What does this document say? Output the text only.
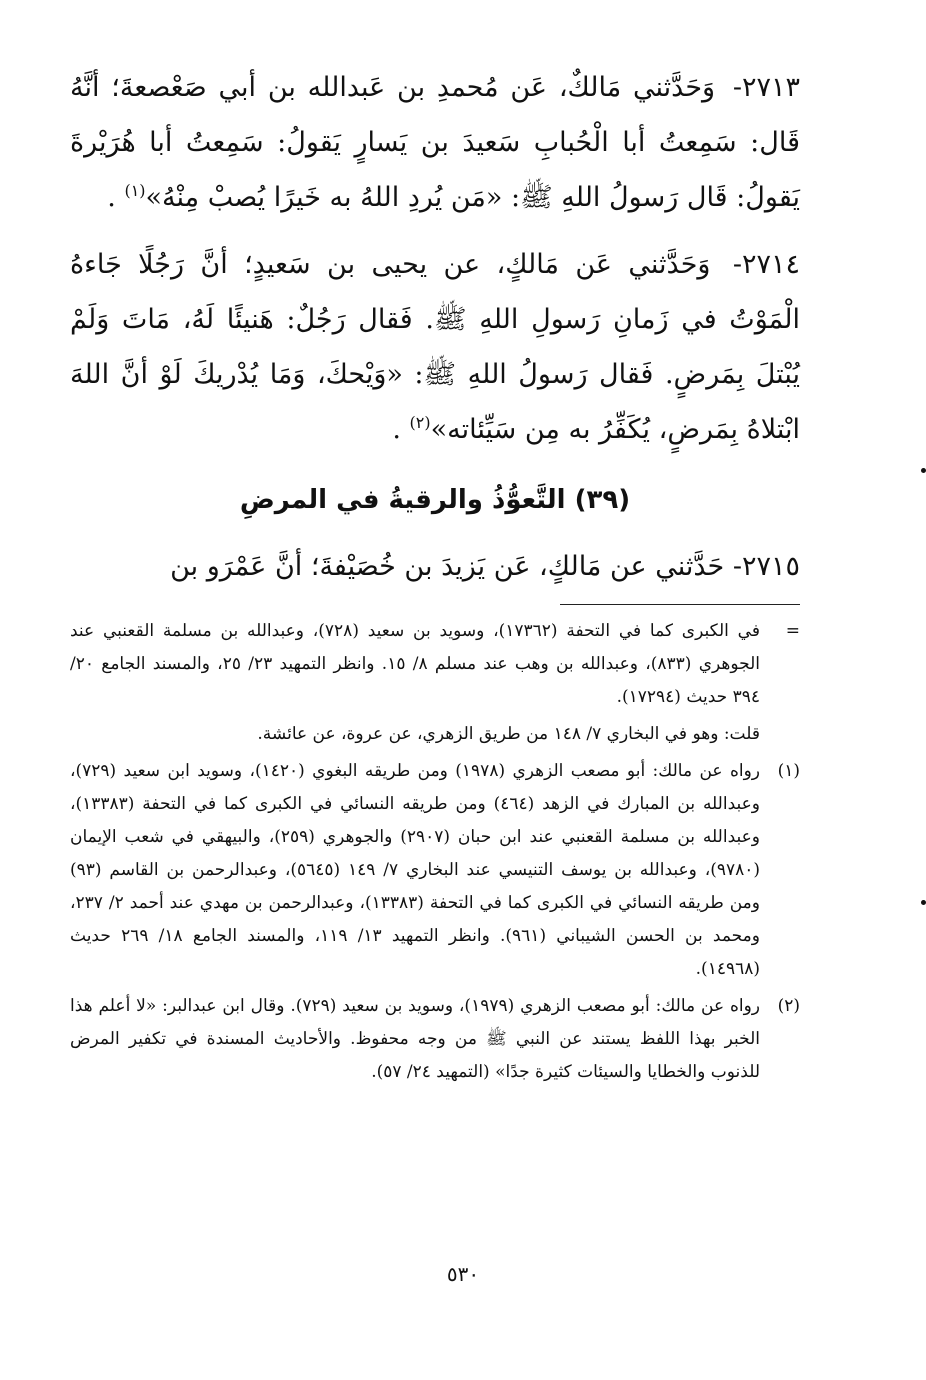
٢٧١٣- وَحَدَّثني مَالكٌ، عَن مُحمدِ بن عَبدالله بن أبي صَعْصعةَ؛ أنَّهُ قَال: سَمِعتُ أبا الْحُبابِ سَعيدَ بن يَسارٍ يَقولُ: سَمِعتُ أبا هُرَيْرةَ يَقولُ: قَال رَسولُ اللهِ ﷺ: «مَن يُردِ اللهُ به خَيرًا يُصبْ مِنْهُ»$^{(١)}$ .

٢٧١٤- وَحَدَّثني عَن مَالكٍ، عن يحيى بن سَعيدٍ؛ أنَّ رَجُلًا جَاءهُ الْمَوْتُ في زَمانِ رَسولِ اللهِ ﷺ. فَقال رَجُلٌ: هَنيئًا لَهُ، مَاتَ وَلَمْ يُبْتلَ بِمَرضٍ. فَقال رَسولُ اللهِ ﷺ: «وَيْحكَ، وَمَا يُدْريكَ لَوْ أنَّ اللهَ ابْتلاهُ بِمَرضٍ، يُكَفِّرُ به مِن سَيِّئاته»$^{(٢)}$ .

(٣٩) التَّعوُّذُ والرقيةُ في المرضِ

٢٧١٥- حَدَّثني عن مَالكٍ، عَن يَزيدَ بن خُصَيْفةَ؛ أنَّ عَمْرَو بن

=
في الكبرى كما في التحفة (١٧٣٦٢)، وسويد بن سعيد (٧٢٨)، وعبدالله بن مسلمة القعنبي عند الجوهري (٨٣٣)، وعبدالله بن وهب عند مسلم ٨/ ١٥. وانظر التمهيد ٢٣/ ٢٥، والمسند الجامع ٢٠/ ٣٩٤ حديث (١٧٢٩٤).

قلت: وهو في البخاري ٧/ ١٤٨ من طريق الزهري، عن عروة، عن عائشة.

(١)
رواه عن مالك: أبو مصعب الزهري (١٩٧٨) ومن طريقه البغوي (١٤٢٠)، وسويد ابن سعيد (٧٢٩)، وعبدالله بن المبارك في الزهد (٤٦٤) ومن طريقه النسائي في الكبرى كما في التحفة (١٣٣٨٣)، وعبدالله بن مسلمة القعنبي عند ابن حبان (٢٩٠٧) والجوهري (٢٥٩)، والبيهقي في شعب الإيمان (٩٧٨٠)، وعبدالله بن يوسف التنيسي عند البخاري ٧/ ١٤٩ (٥٦٤٥)، وعبدالرحمن بن القاسم (٩٣) ومن طريقه النسائي في الكبرى كما في التحفة (١٣٣٨٣)، وعبدالرحمن بن مهدي عند أحمد ٢/ ٢٣٧، ومحمد بن الحسن الشيباني (٩٦١). وانظر التمهيد ١٣/ ١١٩، والمسند الجامع ١٨/ ٢٦٩ حديث (١٤٩٦٨).

(٢)
رواه عن مالك: أبو مصعب الزهري (١٩٧٩)، وسويد بن سعيد (٧٢٩). وقال ابن عبدالبر: «لا أعلم هذا الخبر بهذا اللفظ يستند عن النبي ﷺ من وجه محفوظ. والأحاديث المسندة في تكفير المرض للذنوب والخطايا والسيئات كثيرة جدًا» (التمهيد ٢٤/ ٥٧).

٥٣٠
